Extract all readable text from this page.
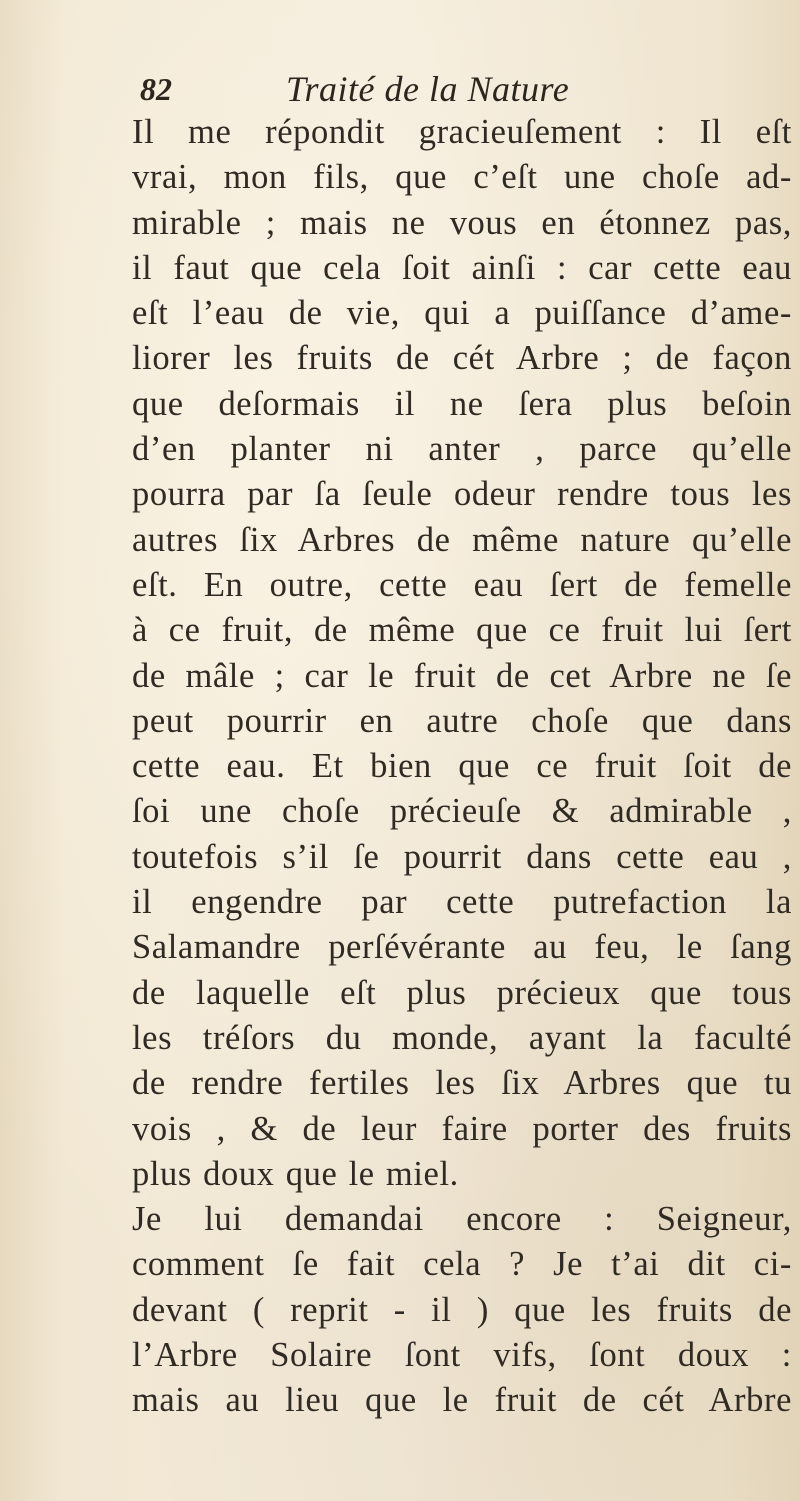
82	Traité de la Nature
Il me répondit gracieuſement : Il eſt
vrai, mon fils, que c’eſt une choſe ad-
mirable ; mais ne vous en étonnez pas,
il faut que cela ſoit ainſi : car cette eau
eſt l’eau de vie, qui a puiſſance d’ame-
liorer les fruits de cét Arbre ; de façon
que deſormais il ne ſera plus beſoin
d’en planter ni anter , parce qu’elle
pourra par ſa ſeule odeur rendre tous les
autres ſix Arbres de même nature qu’elle
eſt. En outre, cette eau ſert de femelle
à ce fruit, de même que ce fruit lui ſert
de mâle ; car le fruit de cet Arbre ne ſe
peut pourrir en autre choſe que dans
cette eau. Et bien que ce fruit ſoit de
ſoi une choſe précieuſe & admirable ,
toutefois s’il ſe pourrit dans cette eau ,
il engendre par cette putrefaction la
Salamandre perſévérante au feu, le ſang
de laquelle eſt plus précieux que tous
les tréſors du monde, ayant la faculté
de rendre fertiles les ſix Arbres que tu
vois , & de leur faire porter des fruits
plus doux que le miel.
Je lui demandai encore : Seigneur,
comment ſe fait cela ? Je t’ai dit ci-
devant ( reprit - il ) que les fruits de
l’Arbre Solaire ſont vifs, ſont doux :
mais au lieu que le fruit de cét Arbre
